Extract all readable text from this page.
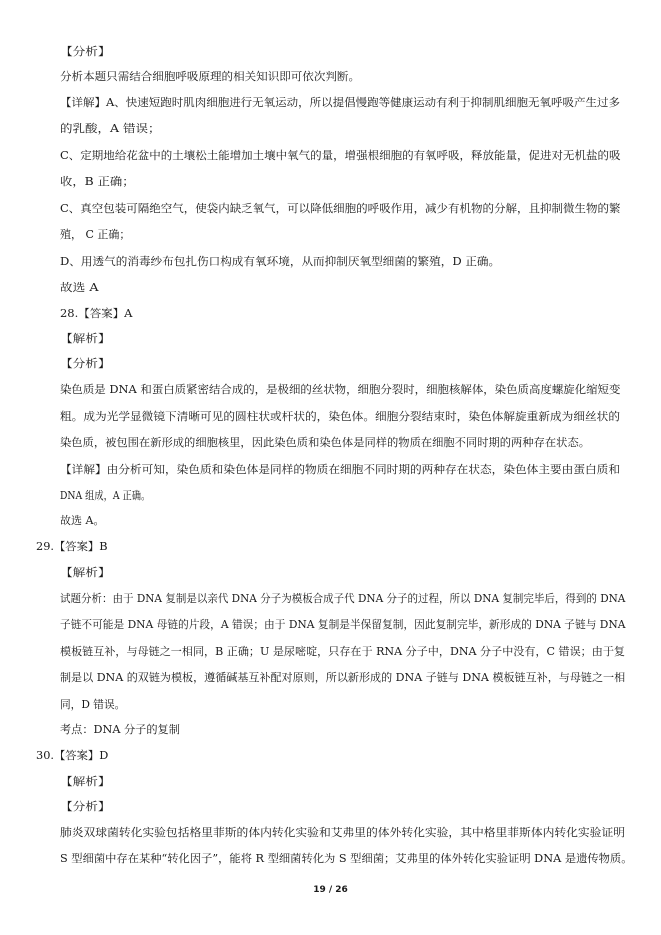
【分析】
分析本题只需结合细胞呼吸原理的相关知识即可依次判断。
【详解】A、快速短跑时肌肉细胞进行无氧运动，所以提倡慢跑等健康运动有利于抑制肌细胞无氧呼吸产生过多
的乳酸，A 错误；
C、定期地给花盆中的土壤松土能增加土壤中氧气的量，增强根细胞的有氧呼吸，释放能量，促进对无机盐的吸
收，B 正确；
C、真空包装可隔绝空气，使袋内缺乏氧气，可以降低细胞的呼吸作用，减少有机物的分解，且抑制微生物的繁
殖， C 正确；
D、用透气的消毒纱布包扎伤口构成有氧环境，从而抑制厌氧型细菌的繁殖，D 正确。
故选 A
28.【答案】A
【解析】
【分析】
染色质是 DNA 和蛋白质紧密结合成的，是极细的丝状物，细胞分裂时，细胞核解体，染色质高度螺旋化缩短变
粗。成为光学显微镜下清晰可见的圆柱状或杆状的，染色体。细胞分裂结束时，染色体解旋重新成为细丝状的
染色质，被包围在新形成的细胞核里，因此染色质和染色体是同样的物质在细胞不同时期的两种存在状态。
【详解】由分析可知，染色质和染色体是同样的物质在细胞不同时期的两种存在状态，染色体主要由蛋白质和
DNA 组成，A 正确。
故选 A。
29.【答案】B
【解析】
试题分析：由于 DNA 复制是以亲代 DNA 分子为模板合成子代 DNA 分子的过程，所以 DNA 复制完毕后，得到的 DNA
子链不可能是 DNA 母链的片段，A 错误；由于 DNA 复制是半保留复制，因此复制完毕，新形成的 DNA 子链与 DNA
模板链互补，与母链之一相同，B 正确；U 是尿嘧啶，只存在于 RNA 分子中，DNA 分子中没有，C 错误；由于复
制是以 DNA 的双链为模板，遵循碱基互补配对原则，所以新形成的 DNA 子链与 DNA 模板链互补，与母链之一相
同，D 错误。
考点：DNA 分子的复制
30.【答案】D
【解析】
【分析】
肺炎双球菌转化实验包括格里菲斯的体内转化实验和艾弗里的体外转化实验，其中格里菲斯体内转化实验证明
S 型细菌中存在某种“转化因子”，能将 R 型细菌转化为 S 型细菌；艾弗里的体外转化实验证明 DNA 是遗传物质。
19 / 26
